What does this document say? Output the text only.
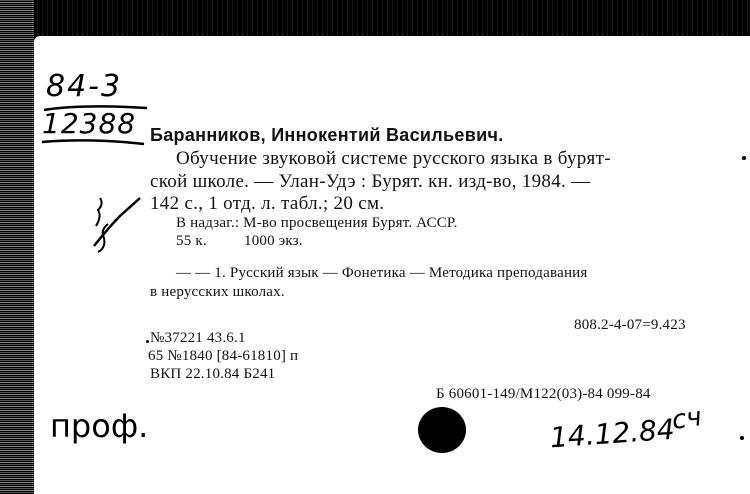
84-3
12388 Баранников, Иннокентий Васильевич.
Обучение звуковой системе русского языка в бурят-
ской школе. — Улан-Удэ : Бурят. кн. изд-во, 1984. —
142 с., 1 отд. л. табл.; 20 см.
В надзаг.: М-во просвещения Бурят. АССР.
55 к. 1000 экз.
— — 1. Русский язык — Фонетика — Методика преподавания
в нерусских школах.
808.2-4-07=9.423
№37221 43.6.1
65 №1840 [84-61810] п
ВКП 22.10.84 Б241
Б 60601-149/М122(03)-84 099-84
проф.	14.12.84
сч
